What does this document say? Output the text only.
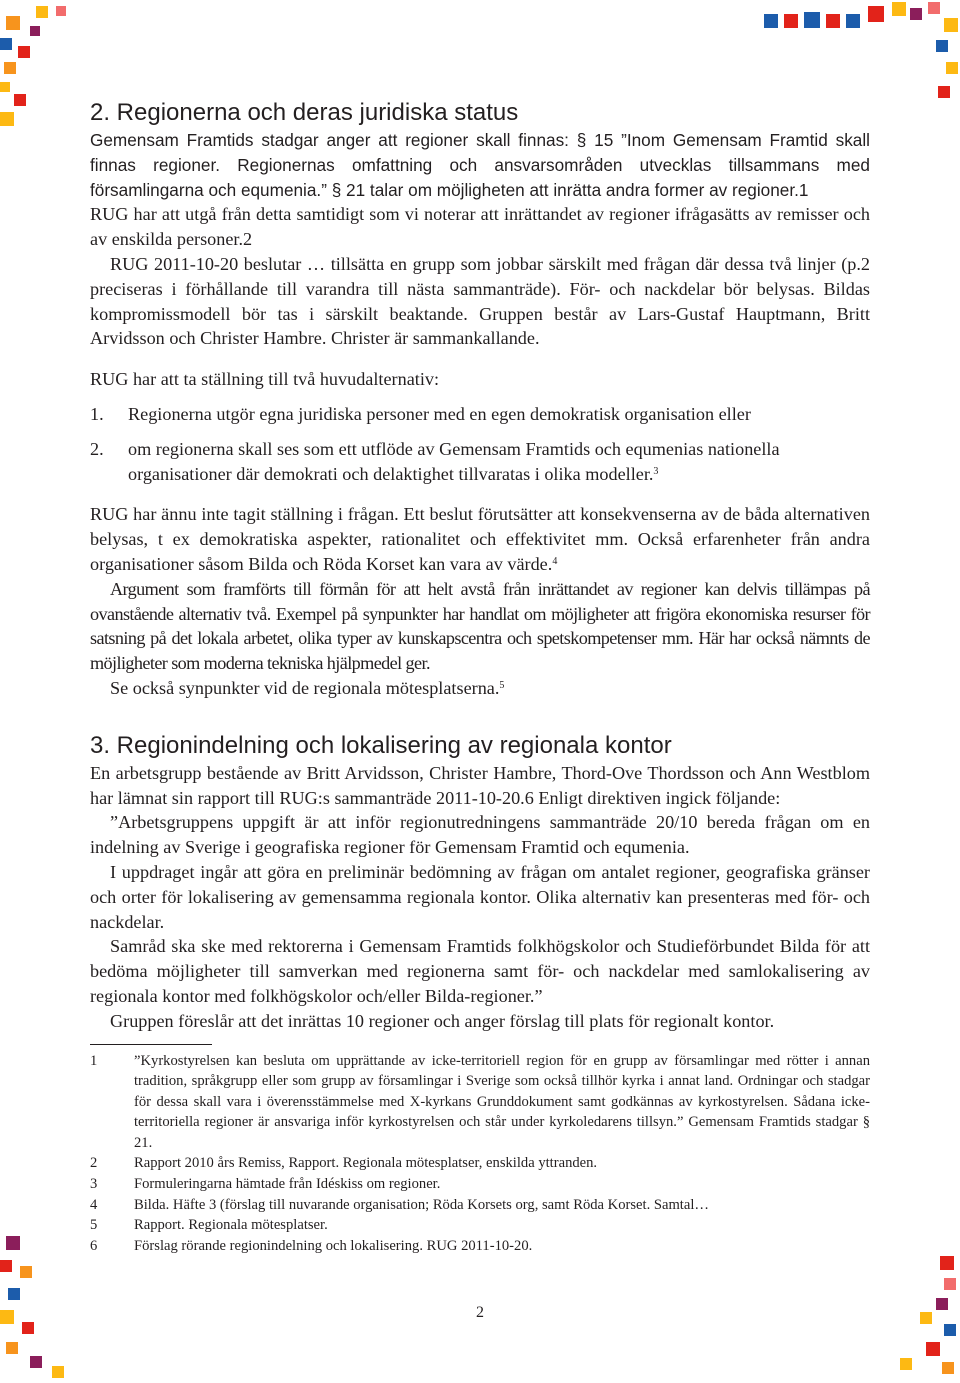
2. Regionerna och deras juridiska status

Gemensam Framtids stadgar anger att regioner skall finnas: § 15 ”Inom Gemensam Framtid skall finnas regioner. Regionernas omfattning och ansvarsområden utvecklas tillsammans med församlingarna och equmenia.” § 21 talar om möjligheten att inrätta andra former av regioner.1

RUG har att utgå från detta samtidigt som vi noterar att inrättandet av regioner ifrågasätts av remisser och av enskilda personer.2

RUG 2011-10-20 beslutar … tillsätta en grupp som jobbar särskilt med frågan där dessa två linjer (p.2 preciseras i förhållande till varandra till nästa sammanträde). För- och nackdelar bör belysas. Bildas kompromissmodell bör tas i särskilt beaktande. Gruppen består av Lars-Gustaf Hauptmann, Britt Arvidsson och Christer Hambre. Christer är sammankallande.

RUG har att ta ställning till två huvudalternativ:

1.	Regionerna utgör egna juridiska personer med en egen demokratisk organisation eller
2.	om regionerna skall ses som ett utflöde av Gemensam Framtids och equmenias nationella organisationer där demokrati och delaktighet tillvaratas i olika modeller.$^3$

RUG har ännu inte tagit ställning i frågan. Ett beslut förutsätter att konsekvenserna av de båda alternativen belysas, t ex demokratiska aspekter, rationalitet och effektivitet mm. Också erfarenheter från andra organisationer såsom Bilda och Röda Korset kan vara av värde.$^4$

Argument som framförts till förmån för att helt avstå från inrättandet av regioner kan delvis tillämpas på ovanstående alternativ två. Exempel på synpunkter har handlat om möjligheter att frigöra ekonomiska resurser för satsning på det lokala arbetet, olika typer av kunskapscentra och spetskompetenser mm. Här har också nämnts de möjligheter som moderna tekniska hjälpmedel ger.

Se också synpunkter vid de regionala mötesplatserna.$^5$

3. Regionindelning och lokalisering av regionala kontor

En arbetsgrupp bestående av Britt Arvidsson, Christer Hambre, Thord-Ove Thordsson och Ann Westblom har lämnat sin rapport till RUG:s sammanträde 2011-10-20.6 Enligt direktiven ingick följande:

”Arbetsgruppens uppgift är att inför regionutredningens sammanträde 20/10 bereda frågan om en indelning av Sverige i geografiska regioner för Gemensam Framtid och equmenia.

I uppdraget ingår att göra en preliminär bedömning av frågan om antalet regioner, geografiska gränser och orter för lokalisering av gemensamma regionala kontor. Olika alternativ kan presenteras med för- och nackdelar.

Samråd ska ske med rektorerna i Gemensam Framtids folkhögskolor och Studieförbundet Bilda för att bedöma möjligheter till samverkan med regionerna samt för- och nackdelar med samlokalisering av regionala kontor med folkhögskolor och/eller Bilda-regioner.”

Gruppen föreslår att det inrättas 10 regioner och anger förslag till plats för regionalt kontor.

1	”Kyrkostyrelsen kan besluta om upprättande av icke-territoriell region för en grupp av församlingar med rötter i annan tradition, språkgrupp eller som grupp av församlingar i Sverige som också tillhör kyrka i annat land. Ordningar och stadgar för dessa skall vara i överensstämmelse med X-kyrkans Grunddokument samt godkännas av kyrkostyrelsen. Sådana icke-territoriella regioner är ansvariga inför kyrkostyrelsen och står under kyrkoledarens tillsyn.” Gemensam Framtids stadgar § 21.
2	Rapport 2010 års Remiss, Rapport. Regionala mötesplatser, enskilda yttranden.
3	Formuleringarna hämtade från Idéskiss om regioner.
4	Bilda. Häfte 3 (förslag till nuvarande organisation; Röda Korsets org, samt Röda Korset. Samtal…
5	Rapport. Regionala mötesplatser.
6	Förslag rörande regionindelning och lokalisering. RUG 2011-10-20.
2
